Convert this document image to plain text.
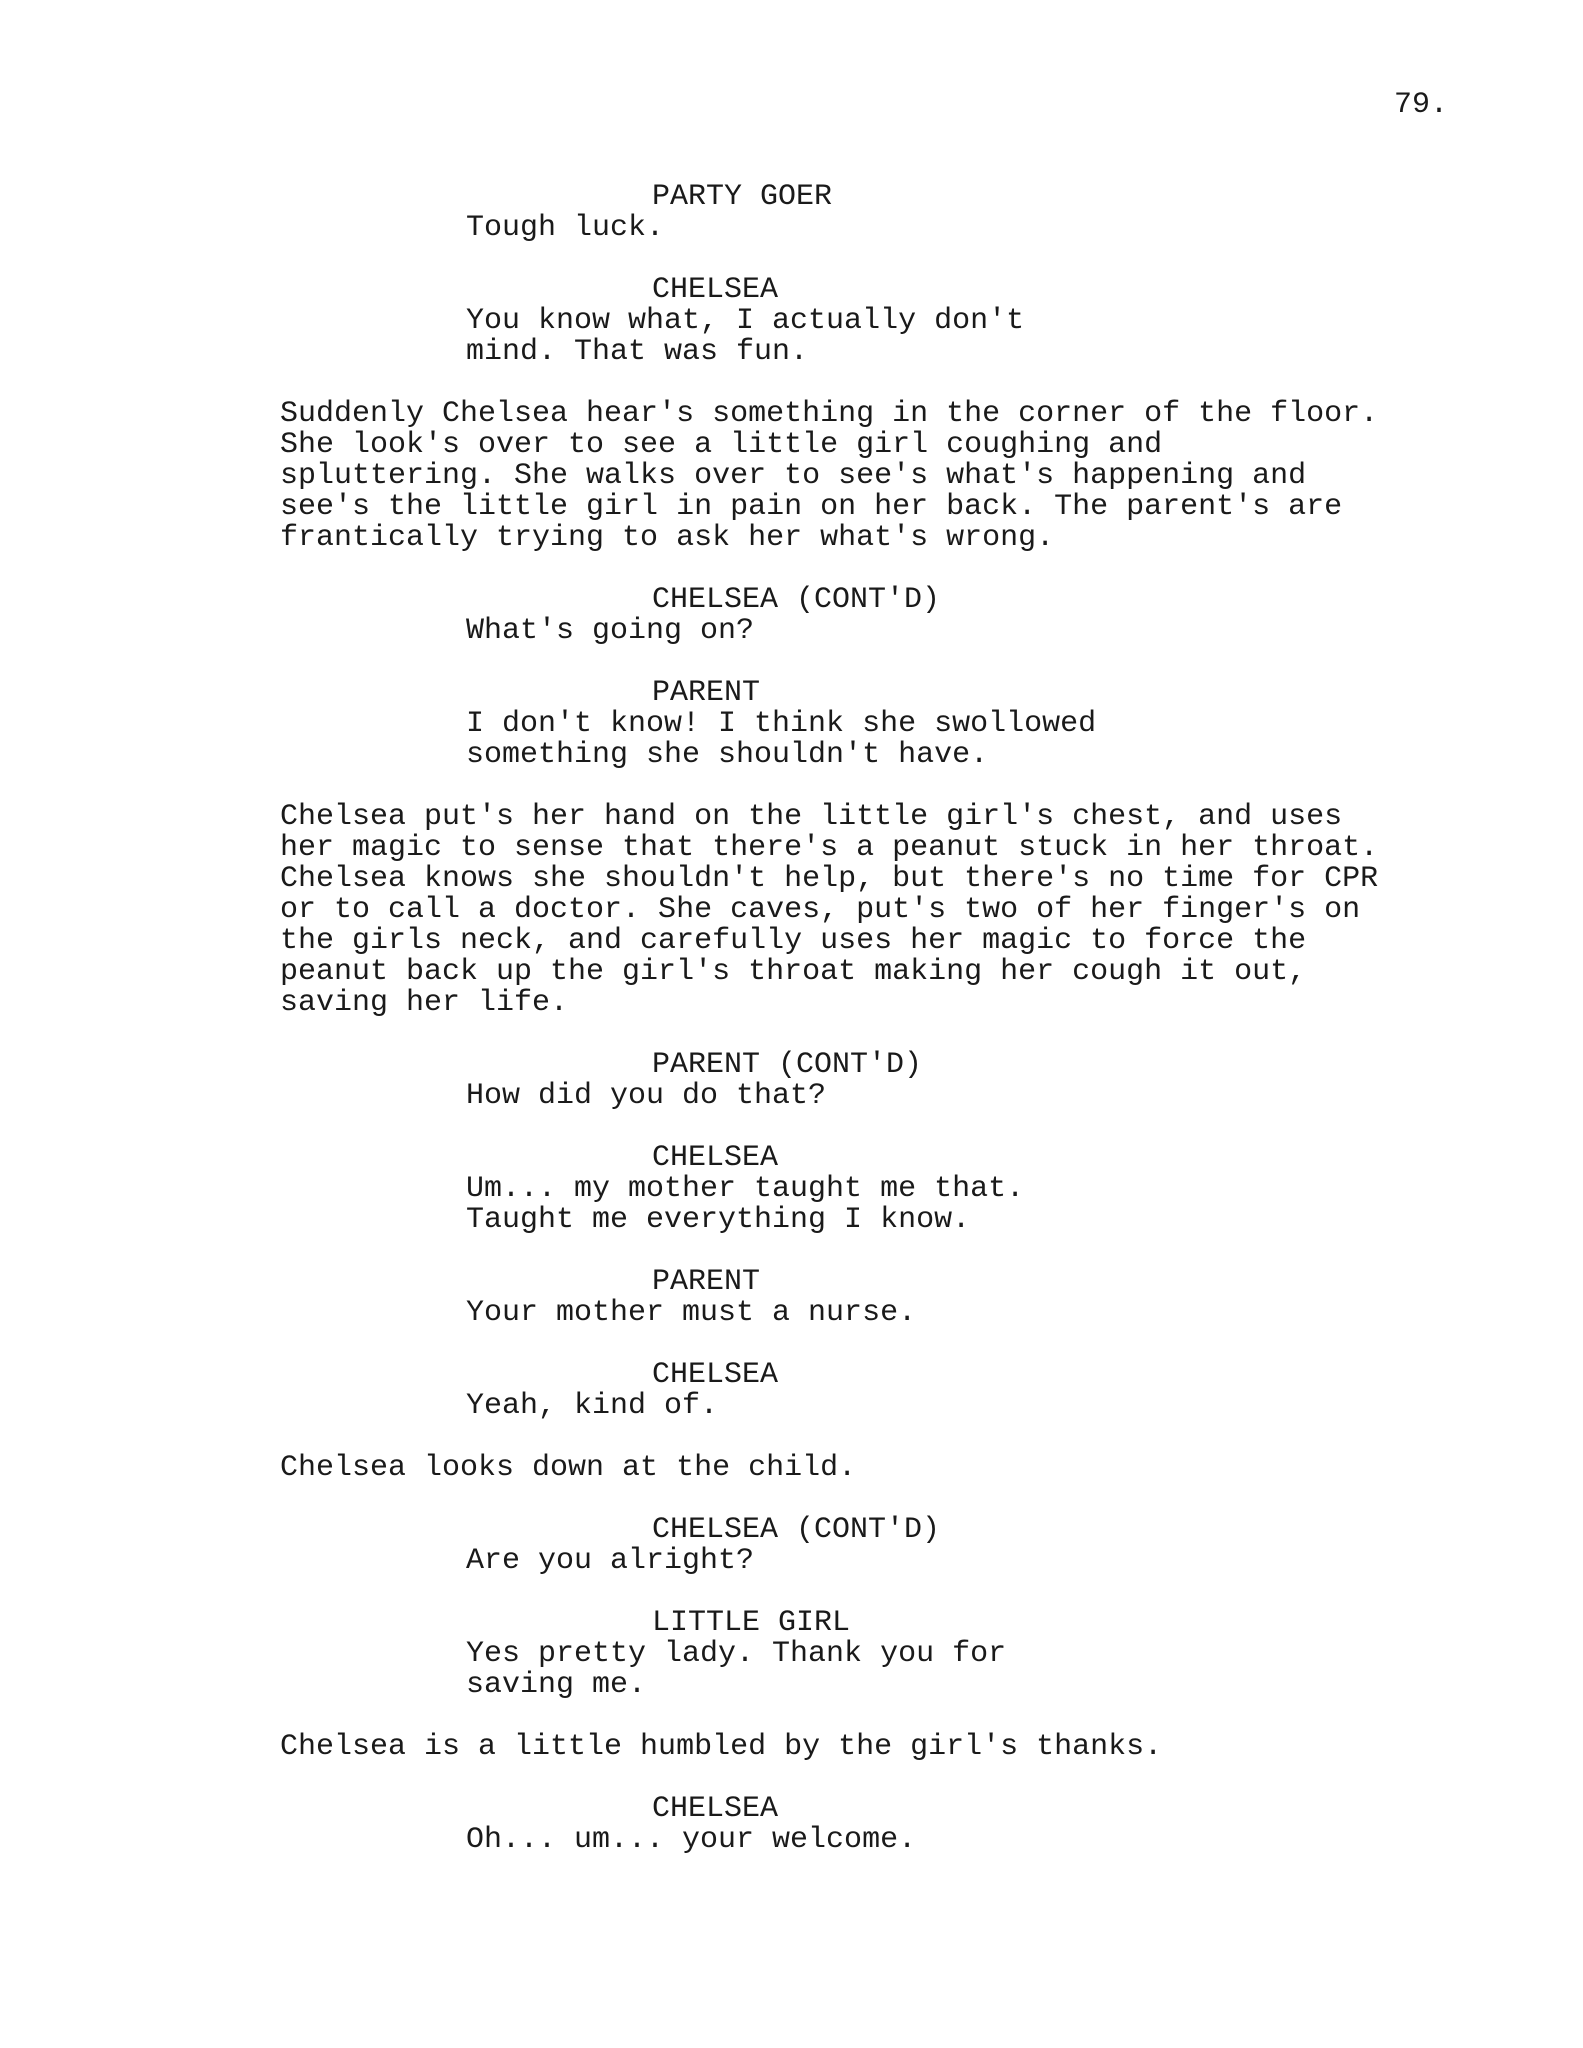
79.
PARTY GOER
Tough luck.
CHELSEA
You know what, I actually don't
mind. That was fun.
Suddenly Chelsea hear's something in the corner of the floor.
She look's over to see a little girl coughing and
spluttering. She walks over to see's what's happening and
see's the little girl in pain on her back. The parent's are
frantically trying to ask her what's wrong.
CHELSEA (CONT'D)
What's going on?
PARENT
I don't know! I think she swollowed
something she shouldn't have.
Chelsea put's her hand on the little girl's chest, and uses
her magic to sense that there's a peanut stuck in her throat.
Chelsea knows she shouldn't help, but there's no time for CPR
or to call a doctor. She caves, put's two of her finger's on
the girls neck, and carefully uses her magic to force the
peanut back up the girl's throat making her cough it out,
saving her life.
PARENT (CONT'D)
How did you do that?
CHELSEA
Um... my mother taught me that.
Taught me everything I know.
PARENT
Your mother must a nurse.
CHELSEA
Yeah, kind of.
Chelsea looks down at the child.
CHELSEA (CONT'D)
Are you alright?
LITTLE GIRL
Yes pretty lady. Thank you for
saving me.
Chelsea is a little humbled by the girl's thanks.
CHELSEA
Oh... um... your welcome.
